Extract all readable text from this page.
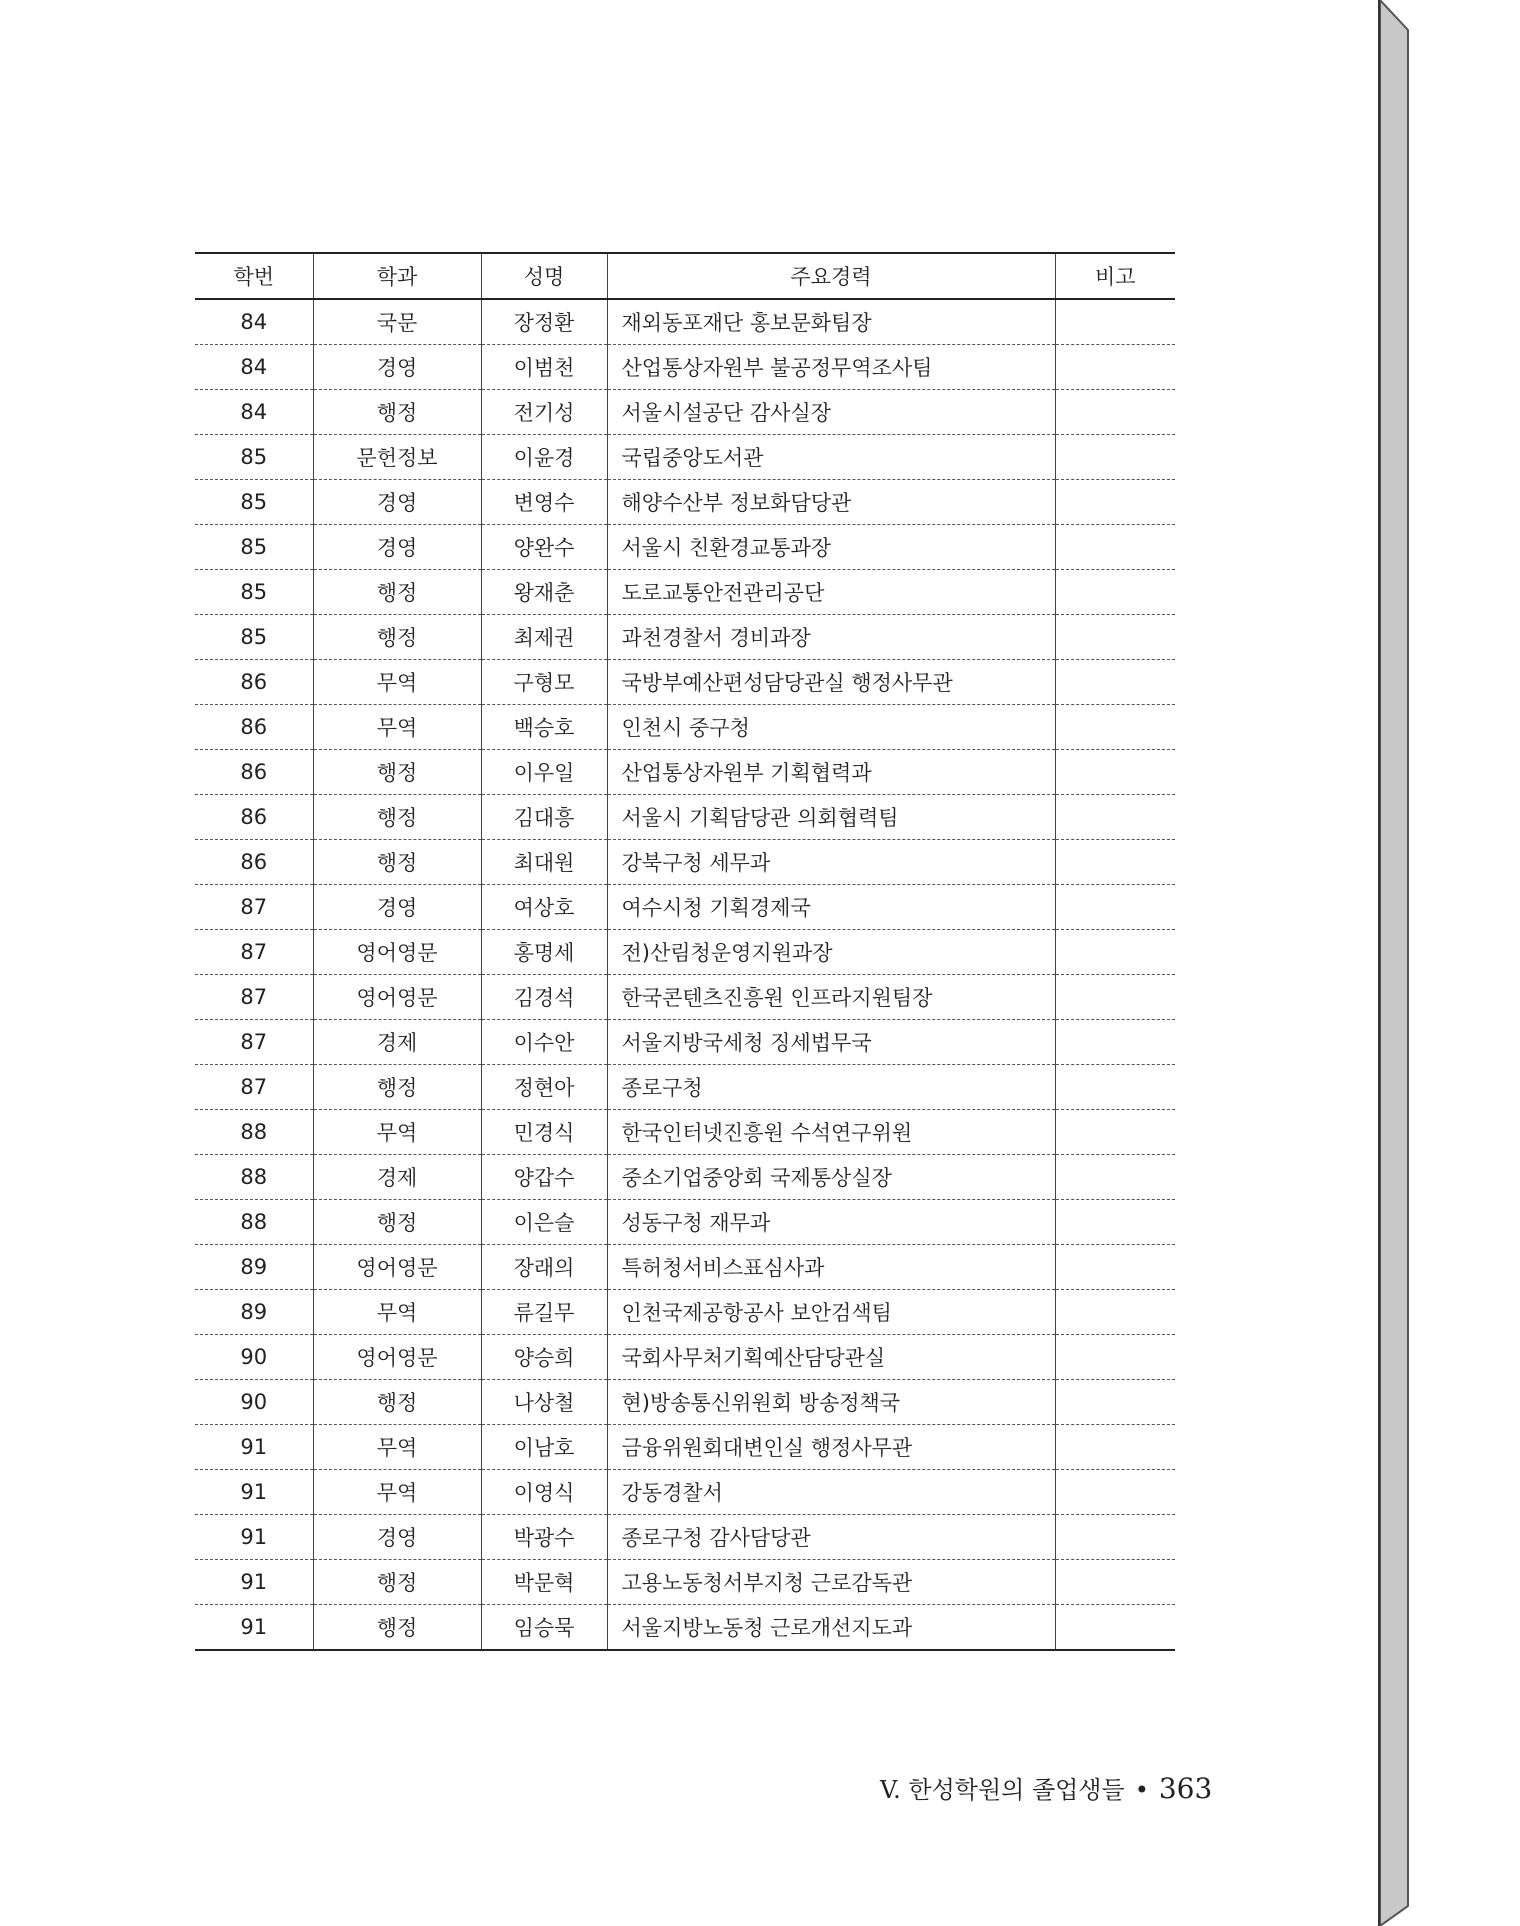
학번	학과	성명	주요경력	비고
84	국문	장정환	재외동포재단 홍보문화팀장	
84	경영	이범천	산업통상자원부 불공정무역조사팀	
84	행정	전기성	서울시설공단 감사실장	
85	문헌정보	이윤경	국립중앙도서관	
85	경영	변영수	해양수산부 정보화담당관	
85	경영	양완수	서울시 친환경교통과장	
85	행정	왕재춘	도로교통안전관리공단	
85	행정	최제권	과천경찰서 경비과장	
86	무역	구형모	국방부예산편성담당관실 행정사무관	
86	무역	백승호	인천시 중구청	
86	행정	이우일	산업통상자원부 기획협력과	
86	행정	김대흥	서울시 기획담당관 의회협력팀	
86	행정	최대원	강북구청 세무과	
87	경영	여상호	여수시청 기획경제국	
87	영어영문	홍명세	전)산림청운영지원과장	
87	영어영문	김경석	한국콘텐츠진흥원 인프라지원팀장	
87	경제	이수안	서울지방국세청 징세법무국	
87	행정	정현아	종로구청	
88	무역	민경식	한국인터넷진흥원 수석연구위원	
88	경제	양갑수	중소기업중앙회 국제통상실장	
88	행정	이은슬	성동구청 재무과	
89	영어영문	장래의	특허청서비스표심사과	
89	무역	류길무	인천국제공항공사 보안검색팀	
90	영어영문	양승희	국회사무처기획예산담당관실	
90	행정	나상철	현)방송통신위원회 방송정책국	
91	무역	이남호	금융위원회대변인실 행정사무관	
91	무역	이영식	강동경찰서	
91	경영	박광수	종로구청 감사담당관	
91	행정	박문혁	고용노동청서부지청 근로감독관	
91	행정	임승묵	서울지방노동청 근로개선지도과	
V. 한성학원의 졸업생들 • 363
